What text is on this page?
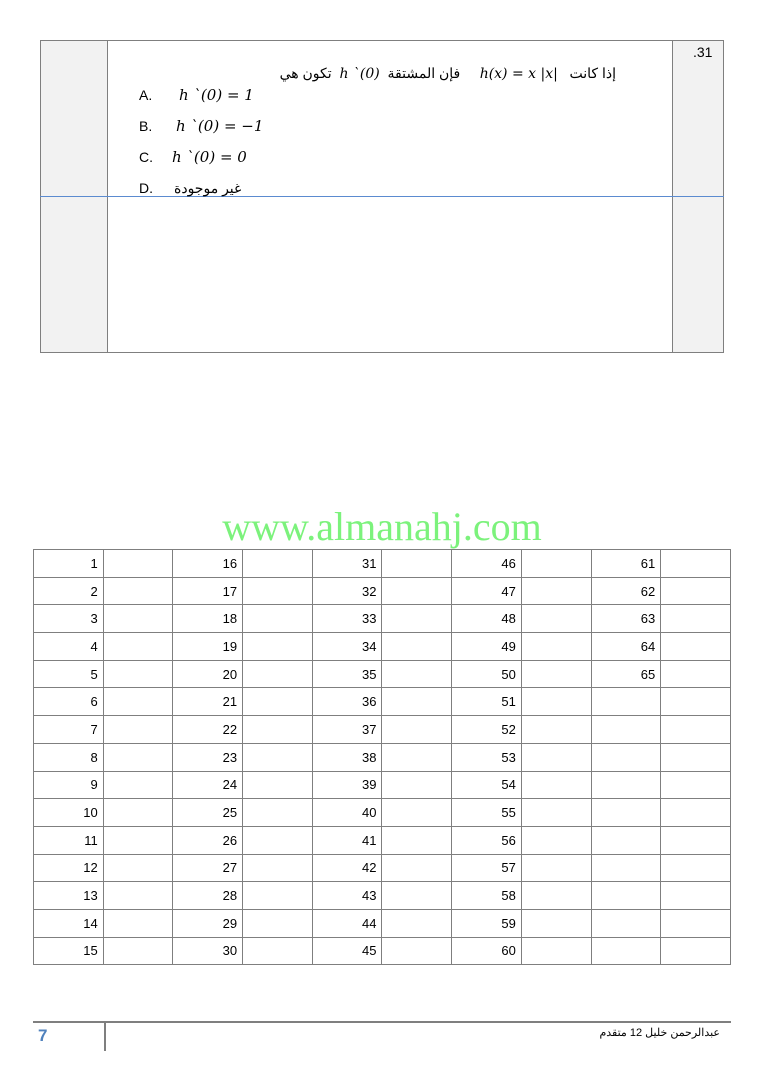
إذا كانت   h(x) = x |x|     فإن المشتقة  h `(0)  تكون هي
.31
A. h `(0) = 1
B. h `(0) = −1
C. h `(0) = 0
D. غير موجودة
www.almanahj.com
1		16		31		46		61	
2		17		32		47		62	
3		18		33		48		63	
4		19		34		49		64	
5		20		35		50		65	
6		21		36		51			
7		22		37		52			
8		23		38		53			
9		24		39		54			
10		25		40		55			
11		26		41		56			
12		27		42		57			
13		28		43		58			
14		29		44		59			
15		30		45		60			
7	عبدالرحمن خليل 12 متقدم
